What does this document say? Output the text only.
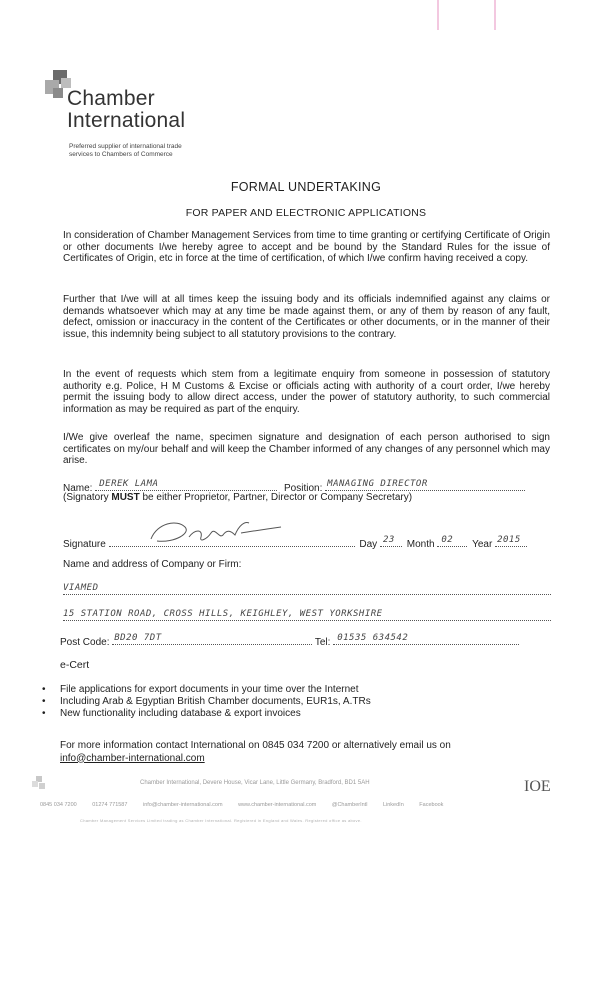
Chamber
International
Preferred supplier of international trade
services to Chambers of Commerce
FORMAL UNDERTAKING
FOR PAPER AND ELECTRONIC APPLICATIONS

In consideration of Chamber Management Services from time to time granting or certifying Certificate of Origin or other documents I/we hereby agree to accept and be bound by the Standard Rules for the issue of Certificates of Origin, etc in force at the time of certification, of which I/we confirm having received a copy.

Further that I/we will at all times keep the issuing body and its officials indemnified against any claims or demands whatsoever which may at any time be made against them, or any of them by reason of any fault, defect, omission or inaccuracy in the content of the Certificates or other documents, or in the manner of their issue, this indemnity being subject to all statutory provisions to the contrary.

In the event of requests which stem from a legitimate enquiry from someone in possession of statutory authority e.g. Police, H M Customs & Excise or officials acting with authority of a court order, I/we hereby permit the issuing body to allow direct access, under the power of statutory authority, to such commercial information as may be required as part of the enquiry.

I/We give overleaf the name, specimen signature and designation of each person authorised to sign certificates on my/our behalf and will keep the Chamber informed of any changes of any personnel which may arise.

Name: DEREK LAMA	Position: MANAGING DIRECTOR
(Signatory MUST be either Proprietor, Partner, Director or Company Secretary)
Signature	Day 23 Month 02 Year 2015
Name and address of Company or Firm:
VIAMED
15 STATION ROAD, CROSS HILLS, KEIGHLEY, WEST YORKSHIRE
Post Code: BD20 7DT	Tel: 01535 634542
e-Cert
• File applications for export documents in your time over the Internet
• Including Arab & Egyptian British Chamber documents, EUR1s, A.TRs
• New functionality including database & export invoices
For more information contact International on 0845 034 7200 or alternatively email us on
info@chamber-international.com
Chamber International, Devere House, Vicar Lane, Little Germany, Bradford, BD1 5AH	IOE
0845 034 7200	01274 771587	info@chamber-international.com	www.chamber-international.com	@ChamberIntl	LinkedIn	Facebook
Chamber Management Services Limited trading as Chamber International. Registered in England and Wales. Registered office as above.
